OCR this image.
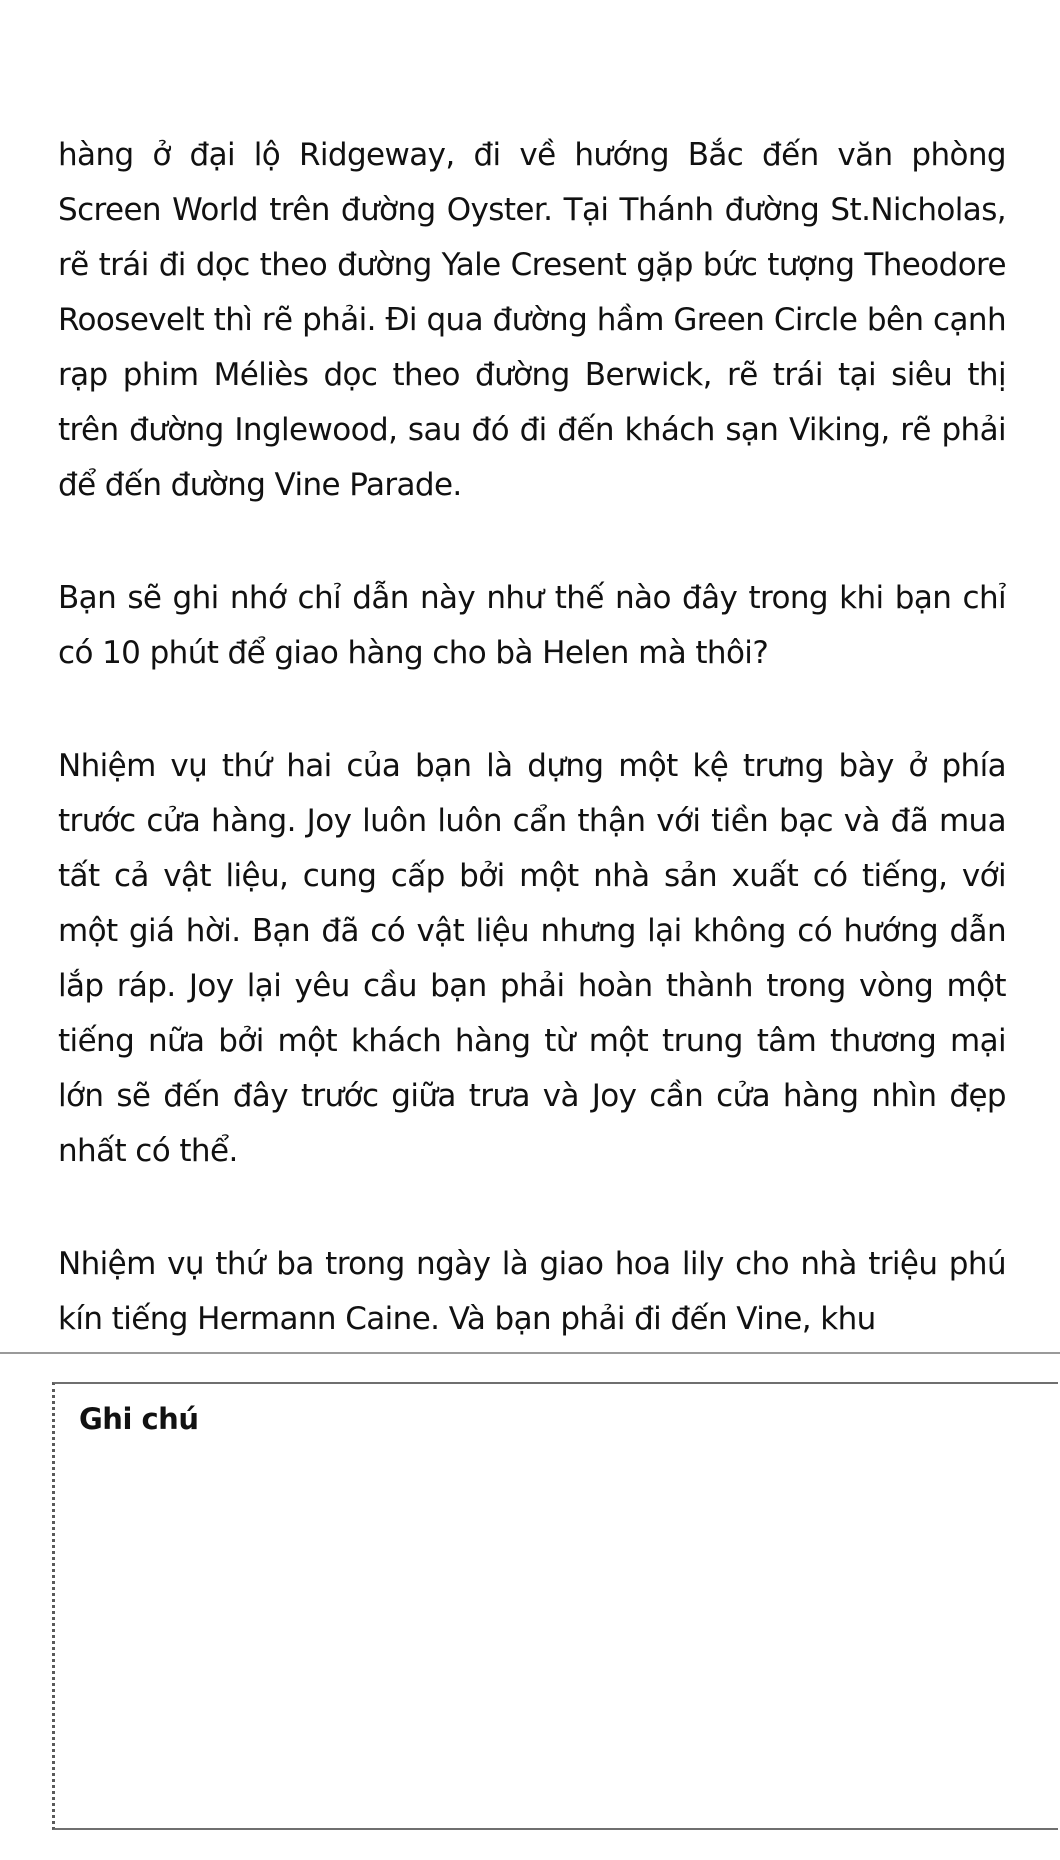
hàng ở đại lộ Ridgeway, đi về hướng Bắc đến văn phòng Screen World trên đường Oyster. Tại Thánh đường St.Nicholas, rẽ trái đi dọc theo đường Yale Cresent gặp bức tượng Theodore Roosevelt thì rẽ phải. Đi qua đường hầm Green Circle bên cạnh rạp phim Méliès dọc theo đường Berwick, rẽ trái tại siêu thị trên đường Inglewood, sau đó đi đến khách sạn Viking, rẽ phải để đến đường Vine Parade.

Bạn sẽ ghi nhớ chỉ dẫn này như thế nào đây trong khi bạn chỉ có 10 phút để giao hàng cho bà Helen mà thôi?

Nhiệm vụ thứ hai của bạn là dựng một kệ trưng bày ở phía trước cửa hàng. Joy luôn luôn cẩn thận với tiền bạc và đã mua tất cả vật liệu, cung cấp bởi một nhà sản xuất có tiếng, với một giá hời. Bạn đã có vật liệu nhưng lại không có hướng dẫn lắp ráp. Joy lại yêu cầu bạn phải hoàn thành trong vòng một tiếng nữa bởi một khách hàng từ một trung tâm thương mại lớn sẽ đến đây trước giữa trưa và Joy cần cửa hàng nhìn đẹp nhất có thể.

Nhiệm vụ thứ ba trong ngày là giao hoa lily cho nhà triệu phú kín tiếng Hermann Caine. Và bạn phải đi đến Vine, khu

Ghi chú
